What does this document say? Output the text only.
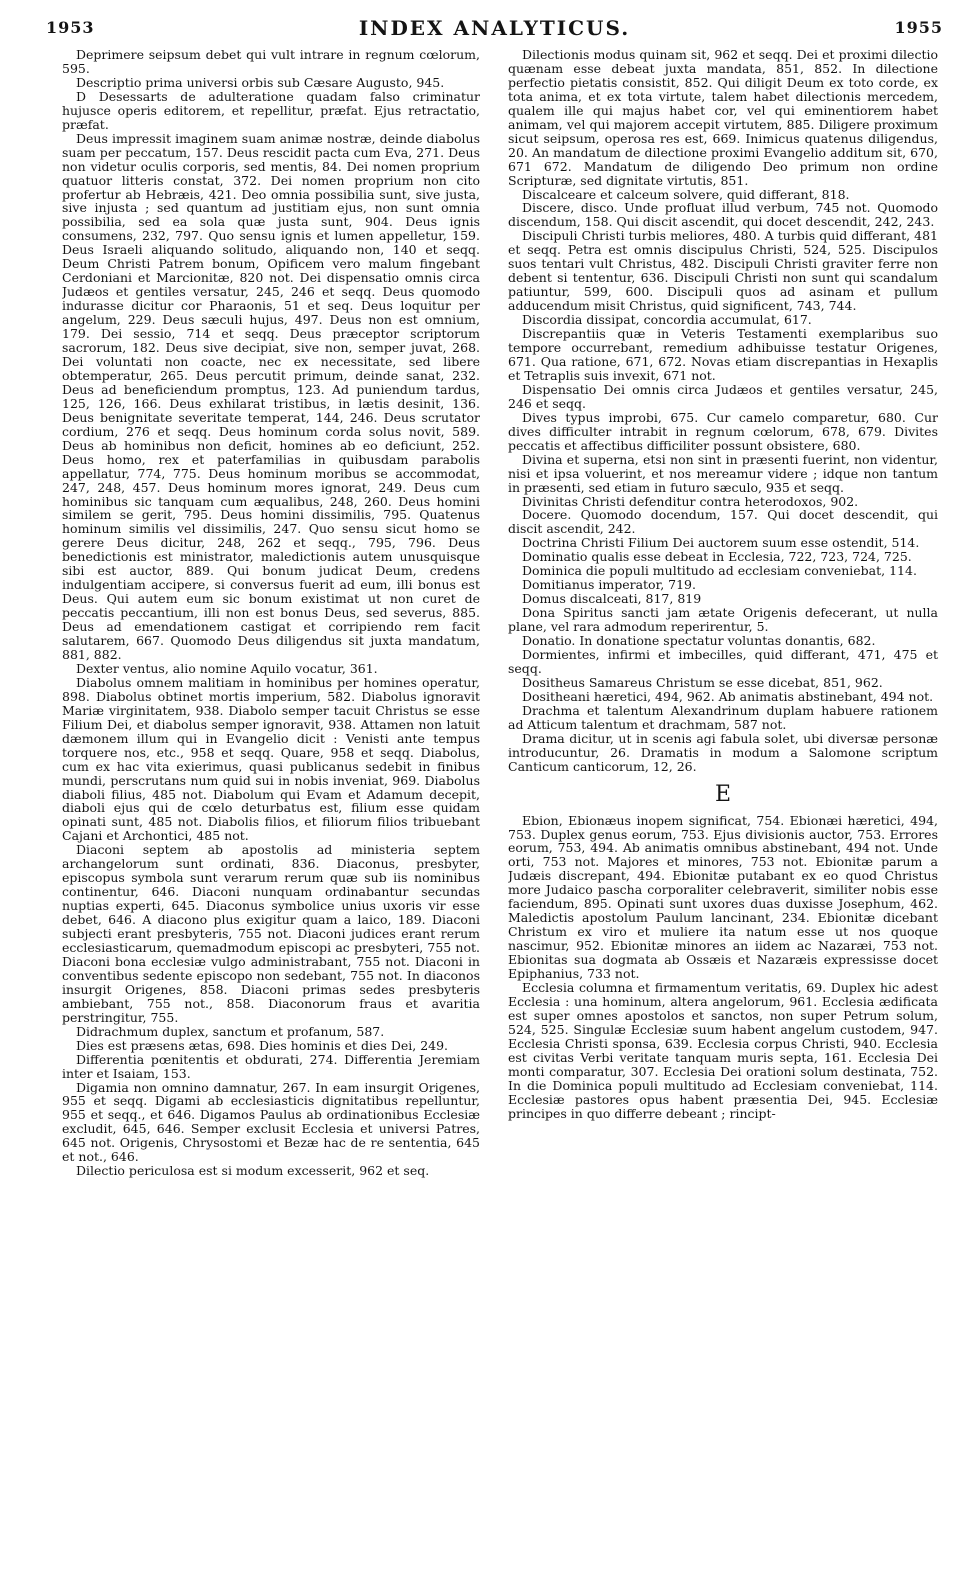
1953	INDEX ANALYTICUS.	1955

Deprimere seipsum debet qui vult intrare in regnum cœlorum, 595.

Descriptio prima universi orbis sub Cæsare Augusto, 945.

D Desessarts de adulteratione quadam falso criminatur hujusce operis editorem, et repellitur, præfat. Ejus retractatio, præfat.

Deus impressit imaginem suam animæ nostræ, deinde diabolus suam per peccatum, 157. Deus rescidit pacta cum Eva, 271. Deus non videtur oculis corporis, sed mentis, 84. Dei nomen proprium quatuor litteris constat, 372. Dei nomen proprium non cito profertur ab Hebræis, 421. Deo omnia possibilia sunt, sive justa, sive injusta ; sed quantum ad justitiam ejus, non sunt omnia possibilia, sed ea sola quæ justa sunt, 904. Deus ignis consumens, 232, 797. Quo sensu ignis et lumen appelletur, 159. Deus Israeli aliquando solitudo, aliquando non, 140 et seqq. Deum Christi Patrem bonum, Opificem vero malum fingebant Cerdoniani et Marcionitæ, 820 not. Dei dispensatio omnis circa Judæos et gentiles versatur, 245, 246 et seqq. Deus quomodo indurasse dicitur cor Pharaonis, 51 et seq. Deus loquitur per angelum, 229. Deus sæculi hujus, 497. Deus non est omnium, 179. Dei sessio, 714 et seqq. Deus præceptor scriptorum sacrorum, 182. Deus sive decipiat, sive non, semper juvat, 268. Dei voluntati non coacte, nec ex necessitate, sed libere obtemperatur, 265. Deus percutit primum, deinde sanat, 232. Deus ad beneficiendum promptus, 123. Ad puniendum tardus, 125, 126, 166. Deus exhilarat tristibus, in lætis desinit, 136. Deus benignitate severitate temperat, 144, 246. Deus scrutator cordium, 276 et seqq. Deus hominum corda solus novit, 589. Deus ab hominibus non deficit, homines ab eo deficiunt, 252. Deus homo, rex et paterfamilias in quibusdam parabolis appellatur, 774, 775. Deus hominum moribus se accommodat, 247, 248, 457. Deus hominum mores ignorat, 249. Deus cum hominibus sic tanquam cum æqualibus, 248, 260. Deus homini similem se gerit, 795. Deus homini dissimilis, 795. Quatenus hominum similis vel dissimilis, 247. Quo sensu sicut homo se gerere Deus dicitur, 248, 262 et seqq., 795, 796. Deus benedictionis est ministrator, maledictionis autem unusquisque sibi est auctor, 889. Qui bonum judicat Deum, credens indulgentiam accipere, si conversus fuerit ad eum, illi bonus est Deus. Qui autem eum sic bonum existimat ut non curet de peccatis peccantium, illi non est bonus Deus, sed severus, 885. Deus ad emendationem castigat et corripiendo rem facit salutarem, 667. Quomodo Deus diligendus sit juxta mandatum, 881, 882.

Dexter ventus, alio nomine Aquilo vocatur, 361.

Diabolus omnem malitiam in hominibus per homines operatur, 898. Diabolus obtinet mortis imperium, 582. Diabolus ignoravit Mariæ virginitatem, 938. Diabolo semper tacuit Christus se esse Filium Dei, et diabolus semper ignoravit, 938. Attamen non latuit dæmonem illum qui in Evangelio dicit : Venisti ante tempus torquere nos, etc., 958 et seqq. Quare, 958 et seqq. Diabolus, cum ex hac vita exierimus, quasi publicanus sedebit in finibus mundi, perscrutans num quid sui in nobis inveniat, 969. Diabolus diaboli filius, 485 not. Diabolum qui Evam et Adamum decepit, diaboli ejus qui de cœlo deturbatus est, filium esse quidam opinati sunt, 485 not. Diabolis filios, et filiorum filios tribuebant Cajani et Archontici, 485 not.

Diaconi septem ab apostolis ad ministeria septem archangelorum sunt ordinati, 836. Diaconus, presbyter, episcopus symbola sunt verarum rerum quæ sub iis nominibus continentur, 646. Diaconi nunquam ordinabantur secundas nuptias experti, 645. Diaconus symbolice unius uxoris vir esse debet, 646. A diacono plus exigitur quam a laico, 189. Diaconi subjecti erant presbyteris, 755 not. Diaconi judices erant rerum ecclesiasticarum, quemadmodum episcopi ac presbyteri, 755 not. Diaconi bona ecclesiæ vulgo administrabant, 755 not. Diaconi in conventibus sedente episcopo non sedebant, 755 not. In diaconos insurgit Origenes, 858. Diaconi primas sedes presbyteris ambiebant, 755 not., 858. Diaconorum fraus et avaritia perstringitur, 755.

Didrachmum duplex, sanctum et profanum, 587.

Dies est præsens ætas, 698. Dies hominis et dies Dei, 249.

Differentia pœnitentis et obdurati, 274. Differentia Jeremiam inter et Isaiam, 153.

Digamia non omnino damnatur, 267. In eam insurgit Origenes, 955 et seqq. Digami ab ecclesiasticis dignitatibus repelluntur, 955 et seqq., et 646. Digamos Paulus ab ordinationibus Ecclesiæ excludit, 645, 646. Semper exclusit Ecclesia et universi Patres, 645 not. Origenis, Chrysostomi et Bezæ hac de re sententia, 645 et not., 646.

Dilectio periculosa est si modum excesserit, 962 et seq.

Dilectionis modus quinam sit, 962 et seqq. Dei et proximi dilectio quænam esse debeat juxta mandata, 851, 852. In dilectione perfectio pietatis consistit, 852. Qui diligit Deum ex toto corde, ex tota anima, et ex tota virtute, talem habet dilectionis mercedem, qualem ille qui majus habet cor, vel qui eminentiorem habet animam, vel qui majorem accepit virtutem, 885. Diligere proximum sicut seipsum, operosa res est, 669. Inimicus quatenus diligendus, 20. An mandatum de dilectione proximi Evangelio additum sit, 670, 671 672. Mandatum de diligendo Deo primum non ordine Scripturæ, sed dignitate virtutis, 851.

Discalceare et calceum solvere, quid differant, 818.

Discere, disco. Unde profluat illud verbum, 745 not. Quomodo discendum, 158. Qui discit ascendit, qui docet descendit, 242, 243.

Discipuli Christi turbis meliores, 480. A turbis quid differant, 481 et seqq. Petra est omnis discipulus Christi, 524, 525. Discipulos suos tentari vult Christus, 482. Discipuli Christi graviter ferre non debent si tententur, 636. Discipuli Christi non sunt qui scandalum patiuntur, 599, 600. Discipuli quos ad asinam et pullum adducendum misit Christus, quid significent, 743, 744.

Discordia dissipat, concordia accumulat, 617.

Discrepantiis quæ in Veteris Testamenti exemplaribus suo tempore occurrebant, remedium adhibuisse testatur Origenes, 671. Qua ratione, 671, 672. Novas etiam discrepantias in Hexaplis et Tetraplis suis invexit, 671 not.

Dispensatio Dei omnis circa Judæos et gentiles versatur, 245, 246 et seqq.

Dives typus improbi, 675. Cur camelo comparetur, 680. Cur dives difficulter intrabit in regnum cœlorum, 678, 679. Divites peccatis et affectibus difficiliter possunt obsistere, 680.

Divina et superna, etsi non sint in præsenti fuerint, non videntur, nisi et ipsa voluerint, et nos mereamur videre ; idque non tantum in præsenti, sed etiam in futuro sæculo, 935 et seqq.

Divinitas Christi defenditur contra heterodoxos, 902.

Docere. Quomodo docendum, 157. Qui docet descendit, qui discit ascendit, 242.

Doctrina Christi Filium Dei auctorem suum esse ostendit, 514.

Dominatio qualis esse debeat in Ecclesia, 722, 723, 724, 725.

Dominica die populi multitudo ad ecclesiam conveniebat, 114.

Domitianus imperator, 719.

Domus discalceati, 817, 819

Dona Spiritus sancti jam ætate Origenis defecerant, ut nulla plane, vel rara admodum reperirentur, 5.

Donatio. In donatione spectatur voluntas donantis, 682.

Dormientes, infirmi et imbecilles, quid differant, 471, 475 et seqq.

Dositheus Samareus Christum se esse dicebat, 851, 962.

Dositheani hæretici, 494, 962. Ab animatis abstinebant, 494 not.

Drachma et talentum Alexandrinum duplam habuere rationem ad Atticum talentum et drachmam, 587 not.

Drama dicitur, ut in scenis agi fabula solet, ubi diversæ personæ introducuntur, 26. Dramatis in modum a Salomone scriptum Canticum canticorum, 12, 26.

E

Ebion, Ebionæus inopem significat, 754. Ebionæi hæretici, 494, 753. Duplex genus eorum, 753. Ejus divisionis auctor, 753. Errores eorum, 753, 494. Ab animatis omnibus abstinebant, 494 not. Unde orti, 753 not. Majores et minores, 753 not. Ebionitæ parum a Judæis discrepant, 494. Ebionitæ putabant ex eo quod Christus more Judaico pascha corporaliter celebraverit, similiter nobis esse faciendum, 895. Opinati sunt uxores duas duxisse Josephum, 462. Maledictis apostolum Paulum lancinant, 234. Ebionitæ dicebant Christum ex viro et muliere ita natum esse ut nos quoque nascimur, 952. Ebionitæ minores an iidem ac Nazaræi, 753 not. Ebionitas sua dogmata ab Ossæis et Nazaræis expressisse docet Epiphanius, 733 not.

Ecclesia columna et firmamentum veritatis, 69. Duplex hic adest Ecclesia : una hominum, altera angelorum, 961. Ecclesia ædificata est super omnes apostolos et sanctos, non super Petrum solum, 524, 525. Singulæ Ecclesiæ suum habent angelum custodem, 947. Ecclesia Christi sponsa, 639. Ecclesia corpus Christi, 940. Ecclesia est civitas Verbi veritate tanquam muris septa, 161. Ecclesia Dei monti comparatur, 307. Ecclesia Dei orationi solum destinata, 752. In die Dominica populi multitudo ad Ecclesiam conveniebat, 114. Ecclesiæ pastores opus habent præsentia Dei, 945. Ecclesiæ principes in quo differre debeant ; rincipt-
